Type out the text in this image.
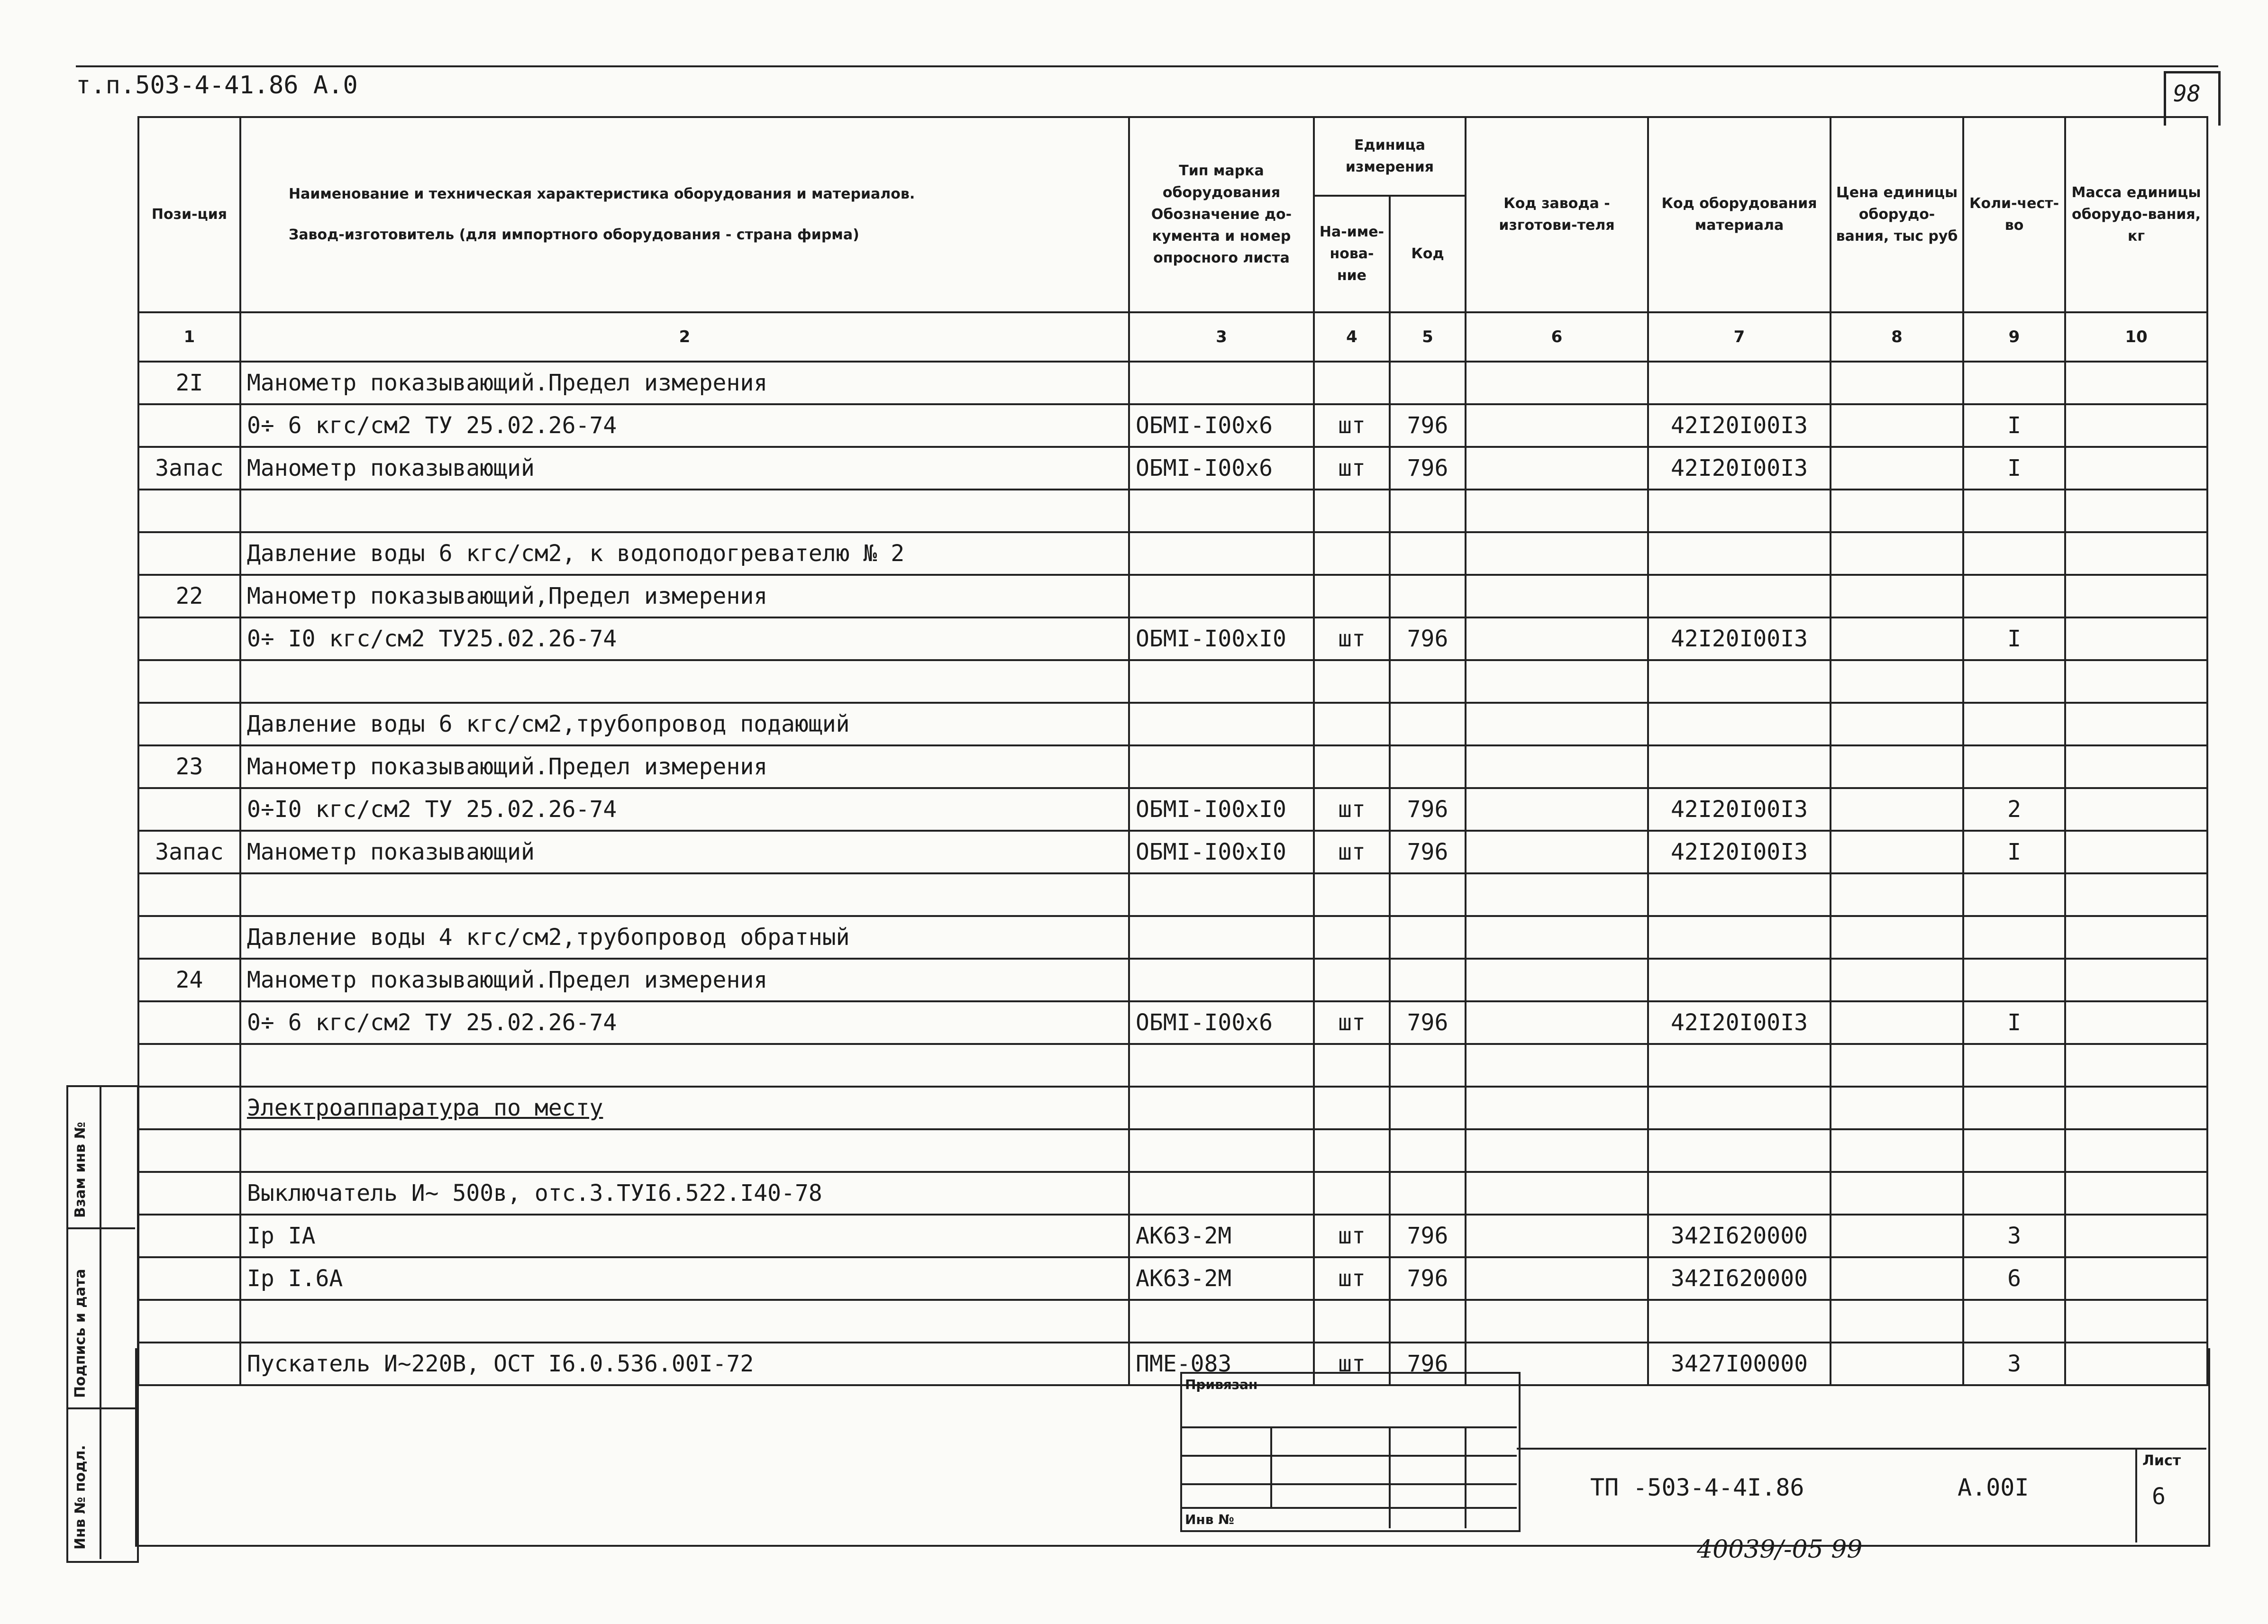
т.п.503-4-41.86 А.0	98
Пози-ция	Наименование и техническая характеристика оборудования и материалов.
Завод-изготовитель (для импортного оборудования - страна фирма)	Тип марка оборудования Обозначение до-кумента и номер опросного листа	Единица измерения		Код завода - изготови-теля	Код оборудования материала	Цена единицы оборудо-вания, тыс руб	Коли-чест-во	Масса единицы оборудо-вания, кг
			На-име-нова-ние	Код					
1	2	3	4	5	6	7	8	9	10
2I	Манометр показывающий.Предел измерения								
	0÷ 6 кгс/см2 ТУ 25.02.26-74	ОБМI-I00х6	шт	796		42I20I00I3		I	
Запас	Манометр показывающий	ОБМI-I00х6	шт	796		42I20I00I3		I	

	Давление воды 6 кгс/см2, к водоподогревателю № 2								
22	Манометр показывающий,Предел измерения								
	0÷ I0 кгс/см2 ТУ25.02.26-74	ОБМI-I00хI0	шт	796		42I20I00I3		I	

	Давление воды 6 кгс/см2,трубопровод подающий								
23	Манометр показывающий.Предел измерения								
	0÷I0 кгс/см2 ТУ 25.02.26-74	ОБМI-I00хI0	шт	796		42I20I00I3		2	
Запас	Манометр показывающий	ОБМI-I00хI0	шт	796		42I20I00I3		I	

	Давление воды 4 кгс/см2,трубопровод обратный								
24	Манометр показывающий.Предел измерения								
	0÷ 6 кгс/см2 ТУ 25.02.26-74	ОБМI-I00х6	шт	796		42I20I00I3		I	

	Электроаппаратура по месту								

	Выключатель И~ 500в, отс.3.ТУI6.522.I40-78								
	Ір IA	АК63-2М	шт	796		342I620000		3	
	Ір I.6A	АК63-2М	шт	796		342I620000		6	

	Пускатель И~220В, ОСТ I6.0.536.00I-72	ПМЕ-083	шт	796		3427I00000		3	
Взам инв №
Подпись и дата
Инв № подл.
Привязан
Инв №
Лист
6
ТП -503-4-4I.86	А.00I
40039/-05 99
